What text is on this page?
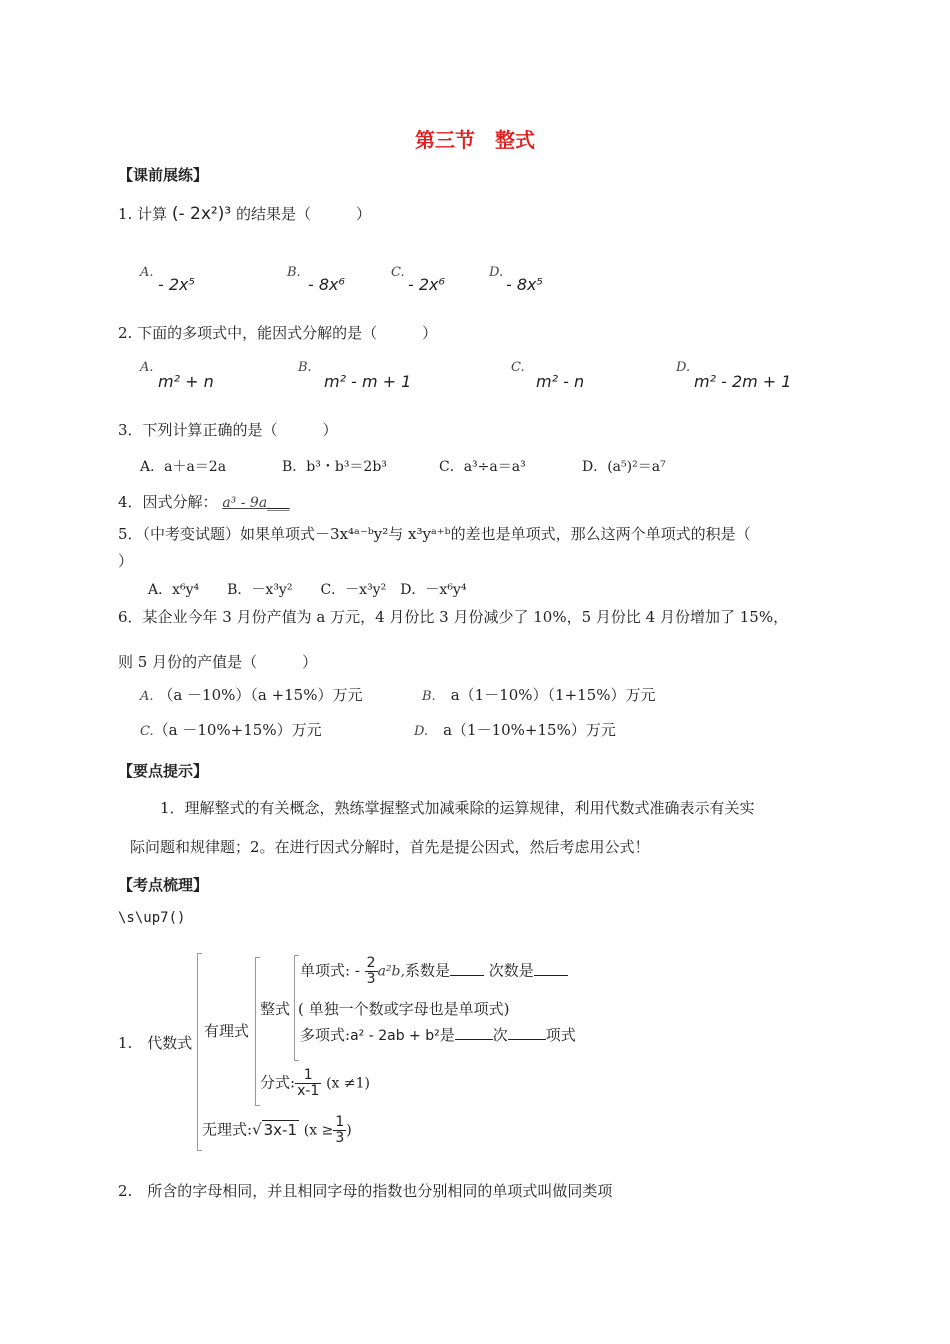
第三节　整式
【课前展练】
1. 计算 (- 2x²)³ 的结果是（　　　）
A.
- 2x⁵
B.
- 8x⁶
C.
- 2x⁶
D.
- 8x⁵
2. 下面的多项式中，能因式分解的是（　　　）
A.
m² + n
B.
m² - m + 1
C.
m² - n
D.
m² - 2m + 1
3．下列计算正确的是（　　　）
A．a＋a＝2a	B．b³・b³＝2b³	C．a³÷a＝a³	D．(a⁵)²＝a⁷
4．因式分解： a³ - 9a___
5．（中考变试题）如果单项式－3x⁴ᵃ⁻ᵇy²与 x³yᵃ⁺ᵇ的差也是单项式，那么这两个单项式的积是（
）
A．x⁶y⁴　　B．－x³y²　　C．－x³y²　D．－x⁶y⁴
6．某企业今年 3 月份产值为 a 万元，4 月份比 3 月份减少了 10%，5 月份比 4 月份增加了 15%，
则 5 月份的产值是（　　　）
A. （a －10%）（a +15%）万元	B.　 a（1－10%）（1+15%）万元
C.（a －10%+15%）万元	D.　 a（1－10%+15%）万元
【要点提示】
1．理解整式的有关概念，熟练掌握整式加减乘除的运算规律，利用代数式准确表示有关实
际问题和规律题；2。在进行因式分解时，首先是提公因式，然后考虑用公式！
【考点梳理】
\s\up7()
1.　代数式
有理式
整式
单项式: - $\frac{2}{3} a^2b$,系数是	次数是
( 单独一个数或字母也是单项式)
多项式:a² - 2ab + b²是	次	项式
分式: $\frac{1}{x-1} (x \ne 1)$
无理式:√ 3x-1 ($x \ge \frac{1}{3}$ )
2.　所含的字母相同，并且相同字母的指数也分别相同的单项式叫做同类项
